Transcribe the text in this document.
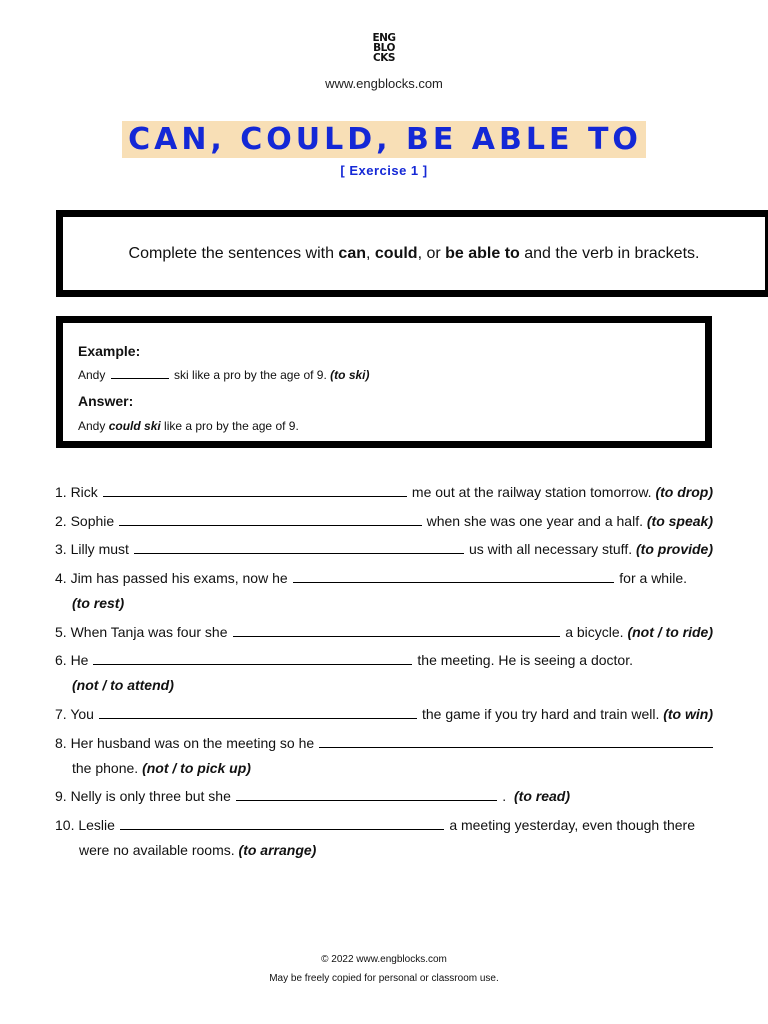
ENG
BLO
CKS
www.engblocks.com
CAN, COULD, BE ABLE TO
[ Exercise 1 ]
Complete the sentences with can, could, or be able to and the verb in brackets.
Example:
Andy	ski like a pro by the age of 9. (to ski)
Answer:
Andy could ski like a pro by the age of 9.
1. Rick	me out at the railway station tomorrow.
(to drop)
2. Sophie	when she was one year and a half.
(to speak)
3. Lilly must	us with all necessary stuff.
(to provide)
4. Jim has passed his exams, now he	for a while.
(to rest)
5. When Tanja was four she	a bicycle.
(not / to ride)
6. He	the meeting. He is seeing a doctor.
(not / to attend)
7. You	the game if you try hard and train well.
(to win)
8. Her husband was on the meeting so he
the phone. (not / to pick up)
9. Nelly is only three but she	.
(to read)
10. Leslie	a meeting yesterday, even though there
were no available rooms. (to arrange)
© 2022 www.engblocks.com
May be freely copied for personal or classroom use.
